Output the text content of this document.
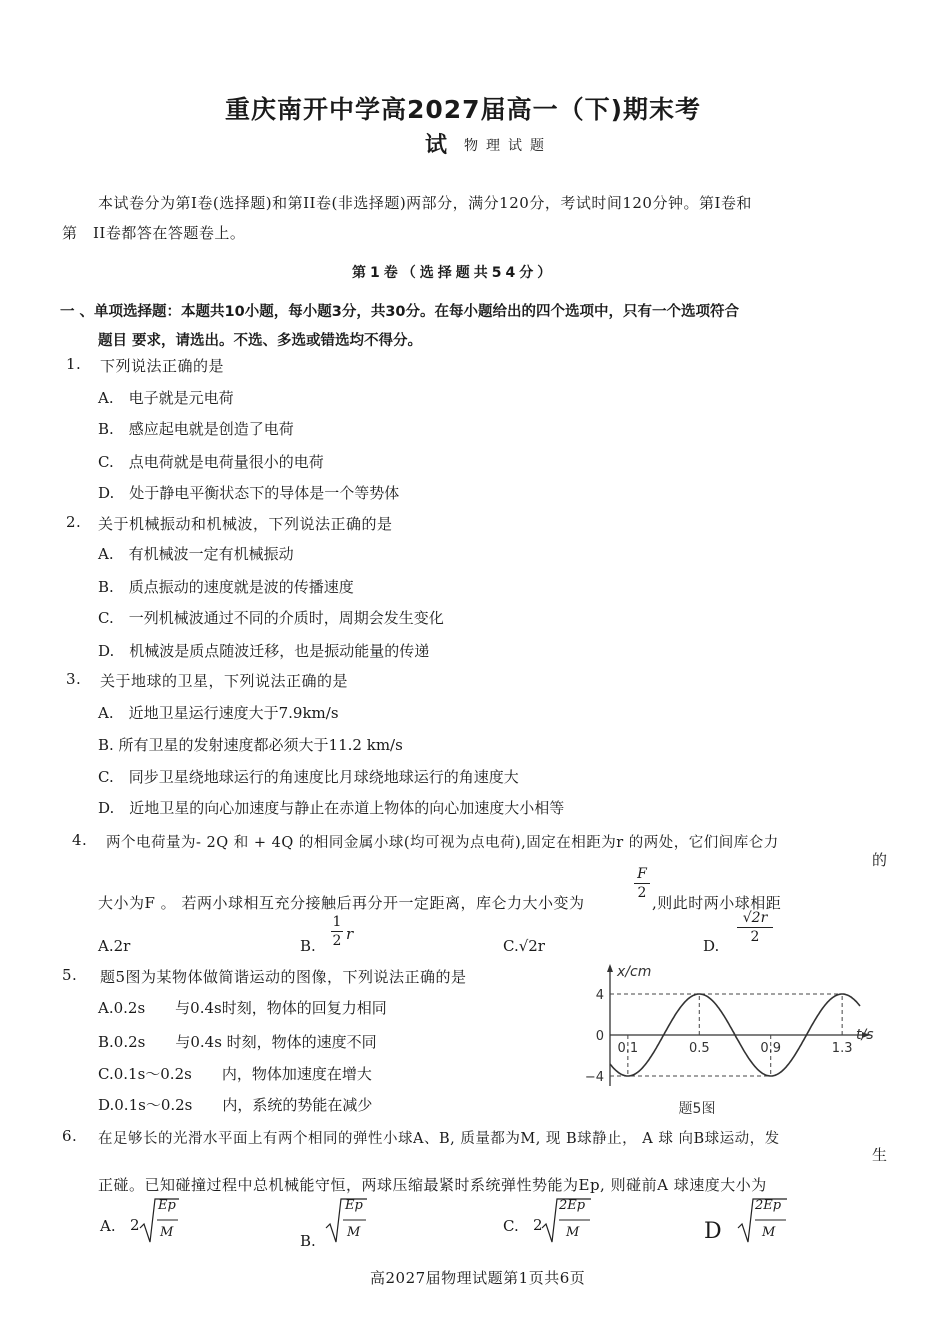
重庆南开中学高2027届高一（下)期末考
试 物理试题
本试卷分为第I卷(选择题)和第II卷(非选择题)两部分，满分120分，考试时间120分钟。第I卷和
第　II卷都答在答题卷上。
第1卷（选择题共54分）
一 、单项选择题：本题共10小题，每小题3分，共30分。在每小题给出的四个选项中，只有一个选项符合
题目 要求，请选出。不选、多选或错选均不得分。
1. 下列说法正确的是
A.　电子就是元电荷
B.　感应起电就是创造了电荷
C.　点电荷就是电荷量很小的电荷
D.　处于静电平衡状态下的导体是一个等势体
2. 关于机械振动和机械波，下列说法正确的是
A.　有机械波一定有机械振动
B.　质点振动的速度就是波的传播速度
C.　一列机械波通过不同的介质时，周期会发生变化
D.　机械波是质点随波迁移，也是振动能量的传递
3. 关于地球的卫星，下列说法正确的是
A.　近地卫星运行速度大于7.9km/s
B. 所有卫星的发射速度都必须大于11.2 km/s
C.　同步卫星绕地球运行的角速度比月球绕地球运行的角速度大
D.　近地卫星的向心加速度与静止在赤道上物体的向心加速度大小相等
4. 两个电荷量为- 2Q 和 + 4Q 的相同金属小球(均可视为点电荷),固定在相距为r 的两处，它们间库仑力
的
大小为F 。 若两小球相互充分接触后再分开一定距离，库仑力大小变为
F
2
,则此时两小球相距
A.2r	B.
1
2 r
C.√2r	D.
√2r
2
5. 题5图为某物体做简谐运动的图像，下列说法正确的是
A.0.2s　　与0.4s时刻，物体的回复力相同
B.0.2s　　与0.4s 时刻，物体的速度不同
C.0.1s～0.2s　　内，物体加速度在增大
D.0.1s～0.2s　　内，系统的势能在减少
x/cm
t/s
4
0
−4
0.1	0.5	0.9	1.3
题5图
6. 在足够长的光滑水平面上有两个相同的弹性小球A、B, 质量都为M, 现 B球静止， A 球 向B球运动，发
生
正碰。已知碰撞过程中总机械能守恒，两球压缩最紧时系统弹性势能为Ep, 则碰前A 球速度大小为
A. 2
Ep
M	B.
Ep
M	C. 2
2Ep
M	D
2Ep
M
高2027届物理试题第1页共6页
